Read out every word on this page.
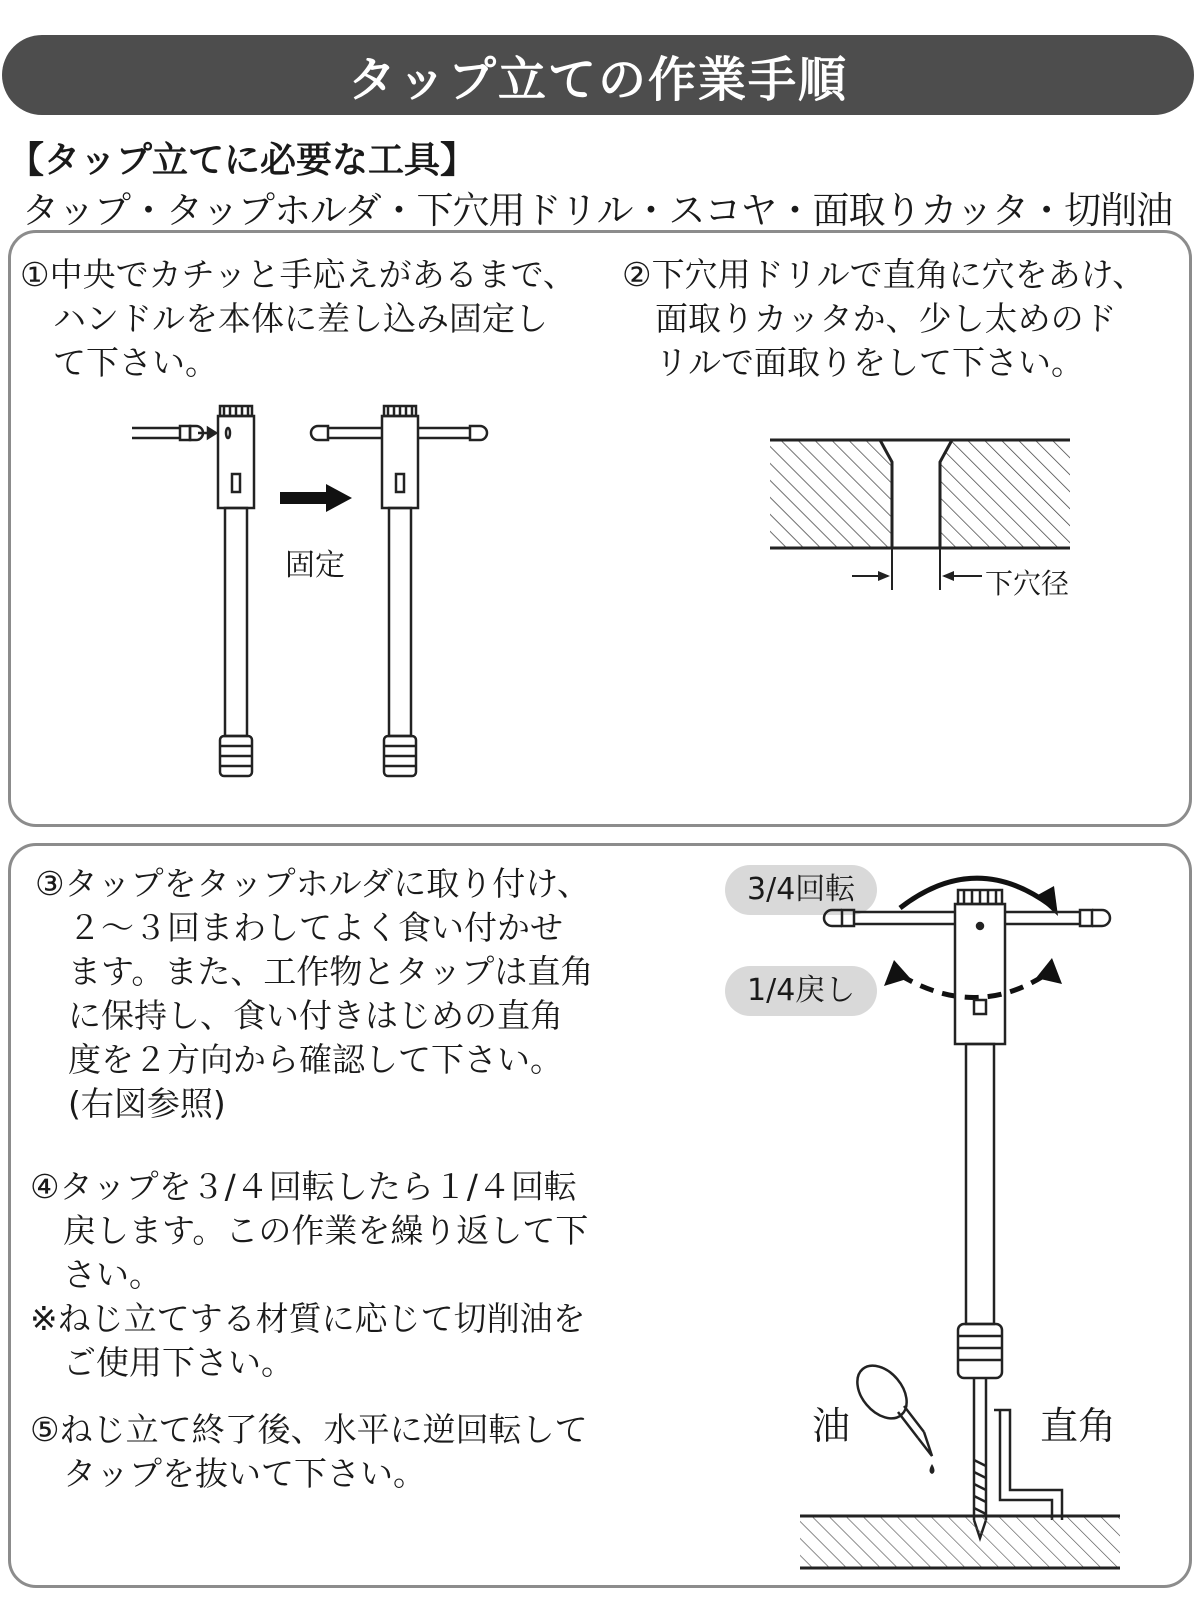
タップ立ての作業手順
【タップ立てに必要な工具】
タップ・タップホルダ・下穴用ドリル・スコヤ・面取りカッタ・切削油
①中央でカチッと手応えがあるまで、
　ハンドルを本体に差し込み固定し
　て下さい。
②下穴用ドリルで直角に穴をあけ、
　面取りカッタか、少し太めのド
　リルで面取りをして下さい。
固定
下穴径
③タップをタップホルダに取り付け、
　２～３回まわしてよく食い付かせ
　ます。また、工作物とタップは直角
　に保持し、食い付きはじめの直角
　度を２方向から確認して下さい。
　(右図参照)
④タップを３/４回転したら１/４回転
　戻します。この作業を繰り返して下
　さい。
※ねじ立てする材質に応じて切削油を
　ご使用下さい。
⑤ねじ立て終了後、水平に逆回転して
　タップを抜いて下さい。
3/4回転
1/4戻し
油	直角
